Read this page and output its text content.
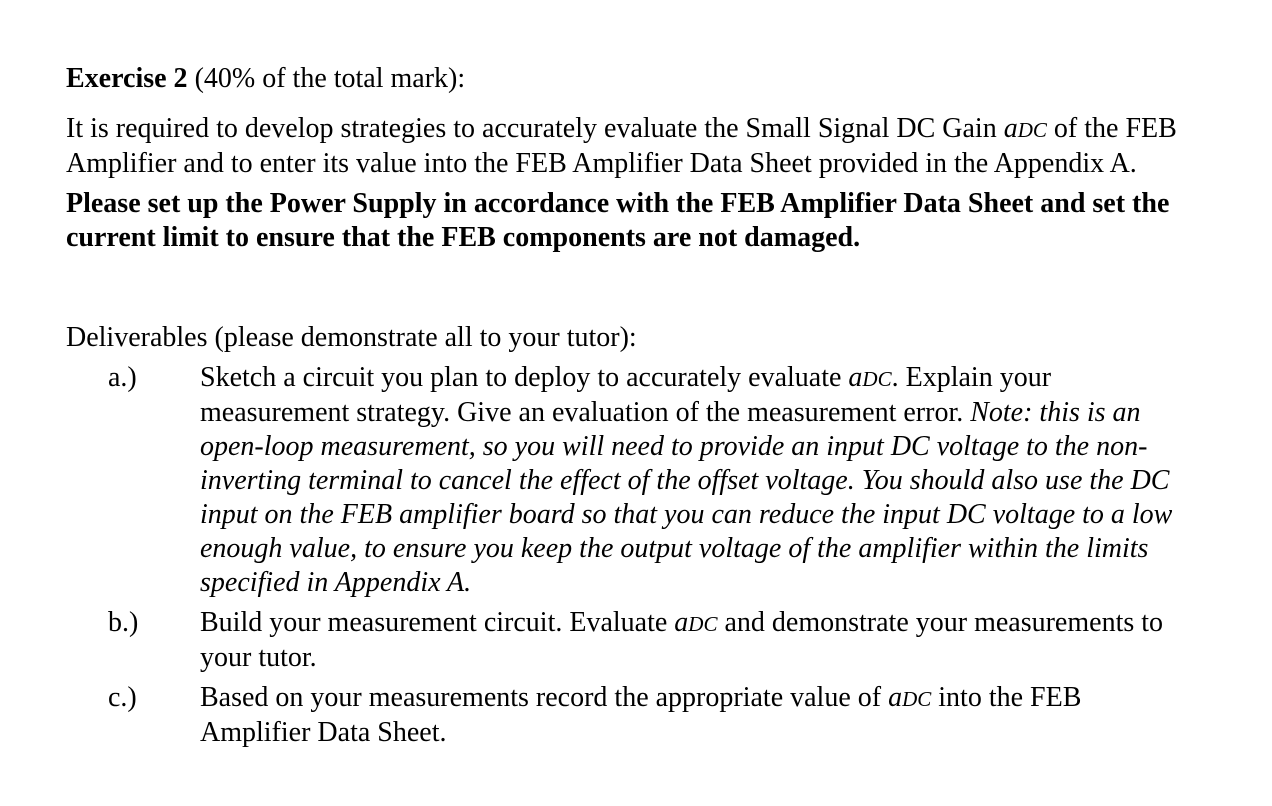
Exercise 2 (40% of the total mark):

It is required to develop strategies to accurately evaluate the Small Signal DC Gain aDC of the FEB Amplifier and to enter its value into the FEB Amplifier Data Sheet provided in the Appendix A.

Please set up the Power Supply in accordance with the FEB Amplifier Data Sheet and set the current limit to ensure that the FEB components are not damaged.

Deliverables (please demonstrate all to your tutor):

a.)	Sketch a circuit you plan to deploy to accurately evaluate aDC. Explain your measurement strategy. Give an evaluation of the measurement error. Note: this is an open-loop measurement, so you will need to provide an input DC voltage to the non-inverting terminal to cancel the effect of the offset voltage. You should also use the DC input on the FEB amplifier board so that you can reduce the input DC voltage to a low enough value, to ensure you keep the output voltage of the amplifier within the limits specified in Appendix A.
b.)	Build your measurement circuit. Evaluate aDC and demonstrate your measurements to your tutor.
c.)	Based on your measurements record the appropriate value of aDC into the FEB Amplifier Data Sheet.
